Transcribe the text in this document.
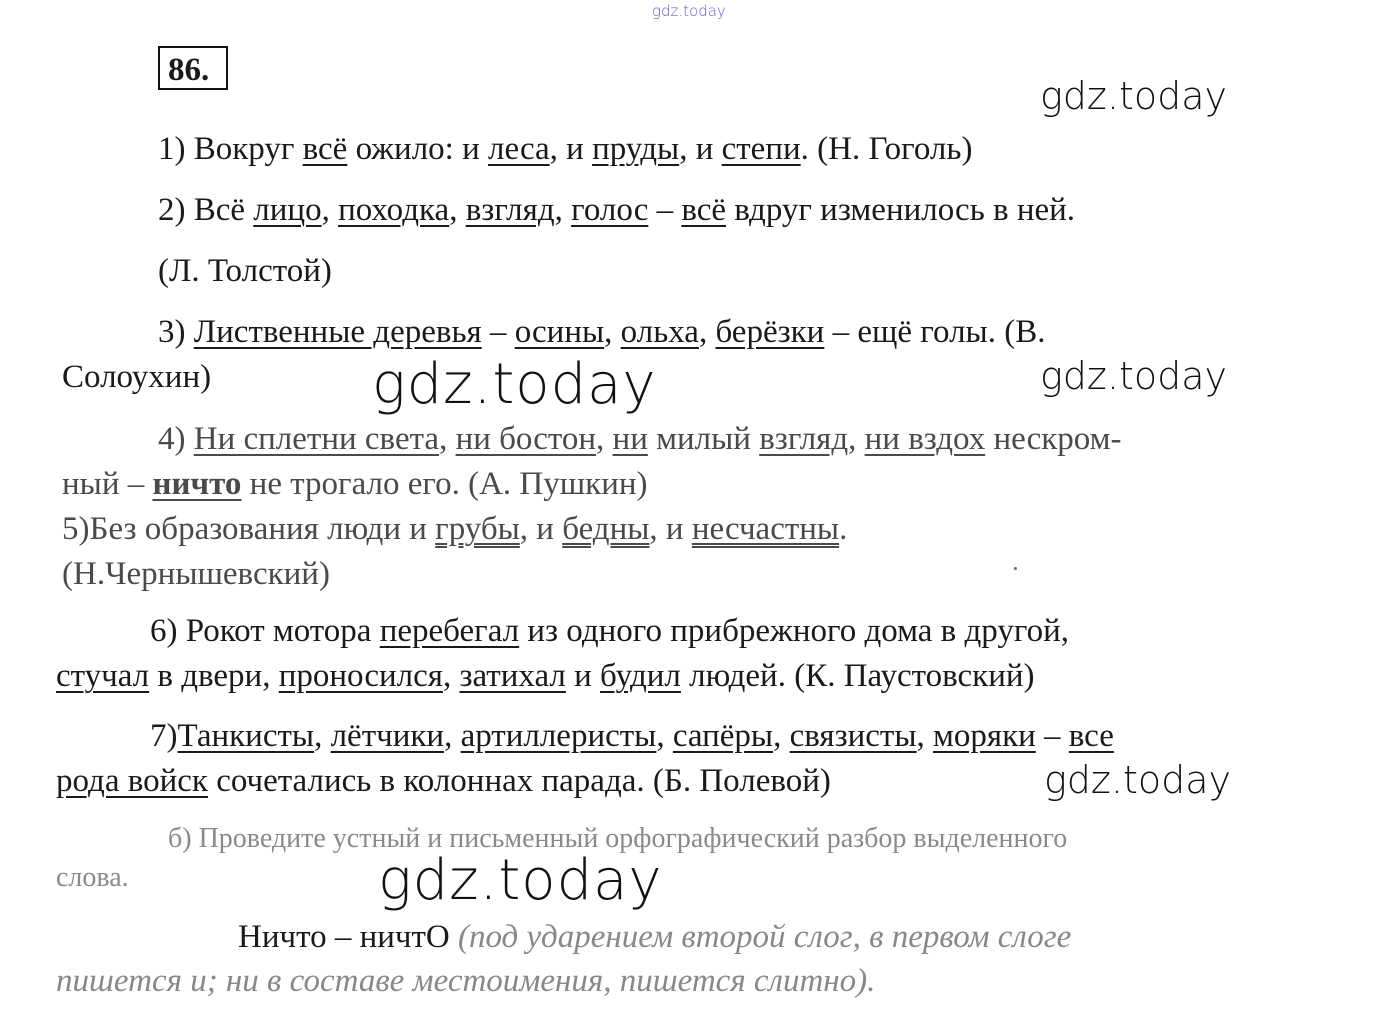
gdz.today
gdz.today
gdz.today
gdz.today
gdz.today
gdz.today
86.
1) Вокруг всё ожило: и леса, и пруды, и степи. (Н. Гоголь)
2) Всё лицо, походка, взгляд, голос – всё вдруг изменилось в ней.
(Л. Толстой)
3) Лиственные деревья – осины, ольха, берёзки – ещё голы. (В.
Солоухин)
4) Ни сплетни света, ни бостон, ни милый взгляд, ни вздох нескром-
ный – ничто не трогало его. (А. Пушкин)
5)Без образования люди и грубы, и бедны, и несчастны.
(Н.Чернышевский)
6) Рокот мотора перебегал из одного прибрежного дома в другой,
стучал в двери, проносился, затихал и будил людей. (К. Паустовский)
7)Танкисты, лётчики, артиллеристы, сапёры, связисты, моряки – все
рода войск сочетались в колоннах парада. (Б. Полевой)
б) Проведите устный и письменный орфографический разбор выделенного
слова.
Ничто – ничтО (под ударением второй слог, в первом слоге
пишется и; ни в составе местоимения, пишется слитно).
